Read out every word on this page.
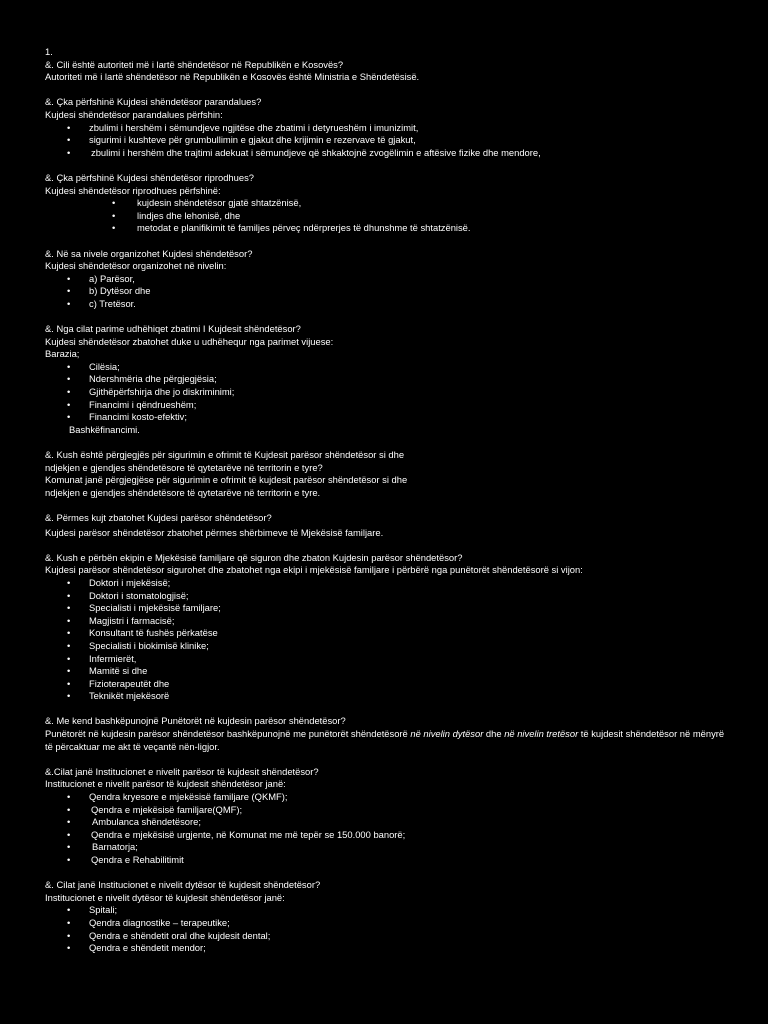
1.
&. Cili është autoriteti më i lartë shëndetësor në Republikën e Kosovës?
Autoriteti më i lartë shëndetësor në Republikën e Kosovës është Ministria e Shëndetësisë.
&. Çka përfshinë Kujdesi shëndetësor parandalues?
Kujdesi shëndetësor parandalues përfshin:
• zbulimi i hershëm i sëmundjeve ngjitëse dhe zbatimi i detyrueshëm i imunizimit,

• sigurimi i kushteve për grumbullimin e gjakut dhe krijimin e rezervave të gjakut,

• zbulimi i hershëm dhe trajtimi adekuat i sëmundjeve që shkaktojnë zvogëlimin e aftësive fizike dhe mendore,

&. Çka përfshinë Kujdesi shëndetësor riprodhues?
Kujdesi shëndetësor riprodhues përfshinë:
• kujdesin shëndetësor gjatë shtatzënisë,

• lindjes dhe lehonisë, dhe

• metodat e planifikimit të familjes përveç ndërprerjes të dhunshme të shtatzënisë.

&. Në sa nivele organizohet Kujdesi shëndetësor?
Kujdesi shëndetësor organizohet në nivelin:
• a) Parësor,

• b) Dytësor dhe

• c) Tretësor.

&. Nga cilat parime udhëhiqet zbatimi I Kujdesit shëndetësor?
Kujdesi shëndetësor zbatohet duke u udhëhequr nga parimet vijuese:
Barazia;
• Cilësia;

• Ndershmëria dhe përgjegjësia;

• Gjithëpërfshirja dhe jo diskriminimi;

• Financimi i qëndrueshëm;

• Financimi kosto-efektiv;

Bashkëfinancimi.
&. Kush është përgjegjës për sigurimin e ofrimit të Kujdesit parësor shëndetësor si dhe
ndjekjen e gjendjes shëndetësore të qytetarëve në territorin e tyre?
Komunat janë përgjegjëse për sigurimin e ofrimit të kujdesit parësor shëndetësor si dhe
ndjekjen e gjendjes shëndetësore të qytetarëve në territorin e tyre.
&. Përmes kujt zbatohet Kujdesi parësor shëndetësor?
Kujdesi parësor shëndetësor zbatohet përmes shërbimeve të Mjekësisë familjare.
&. Kush e përbën ekipin e Mjekësisë familjare që siguron dhe zbaton Kujdesin parësor shëndetësor?
Kujdesi parësor shëndetësor sigurohet dhe zbatohet nga ekipi i mjekësisë familjare i përbërë nga punëtorët shëndetësorë si vijon:
• Doktori i mjekësisë;

• Doktori i stomatologjisë;

• Specialisti i mjekësisë familjare;

• Magjistri i farmacisë;

• Konsultant të fushës përkatëse

• Specialisti i biokimisë klinike;

• Infermierët,

• Mamitë si dhe

• Fizioterapeutët dhe

• Teknikët mjekësorë

&. Me kend bashkëpunojnë Punëtorët në kujdesin parësor shëndetësor?
Punëtorët në kujdesin parësor shëndetësor bashkëpunojnë me punëtorët shëndetësorë në nivelin dytësor dhe në nivelin tretësor të kujdesit shëndetësor në mënyrë
të përcaktuar me akt të veçantë nën-ligjor.
&.Cilat janë Institucionet e nivelit parësor të kujdesit shëndetësor?
Institucionet e nivelit parësor të kujdesit shëndetësor janë:
• Qendra kryesore e mjekësisë familjare (QKMF);

• Qendra e mjekësisë familjare(QMF);

• Ambulanca shëndetësore;

• Qendra e mjekësisë urgjente, në Komunat me më tepër se 150.000 banorë;

• Barnatorja;

• Qendra e Rehabilitimit

&. Cilat janë Institucionet e nivelit dytësor të kujdesit shëndetësor?
Institucionet e nivelit dytësor të kujdesit shëndetësor janë:
• Spitali;

• Qendra diagnostike – terapeutike;

• Qendra e shëndetit oral dhe kujdesit dental;

• Qendra e shëndetit mendor;
